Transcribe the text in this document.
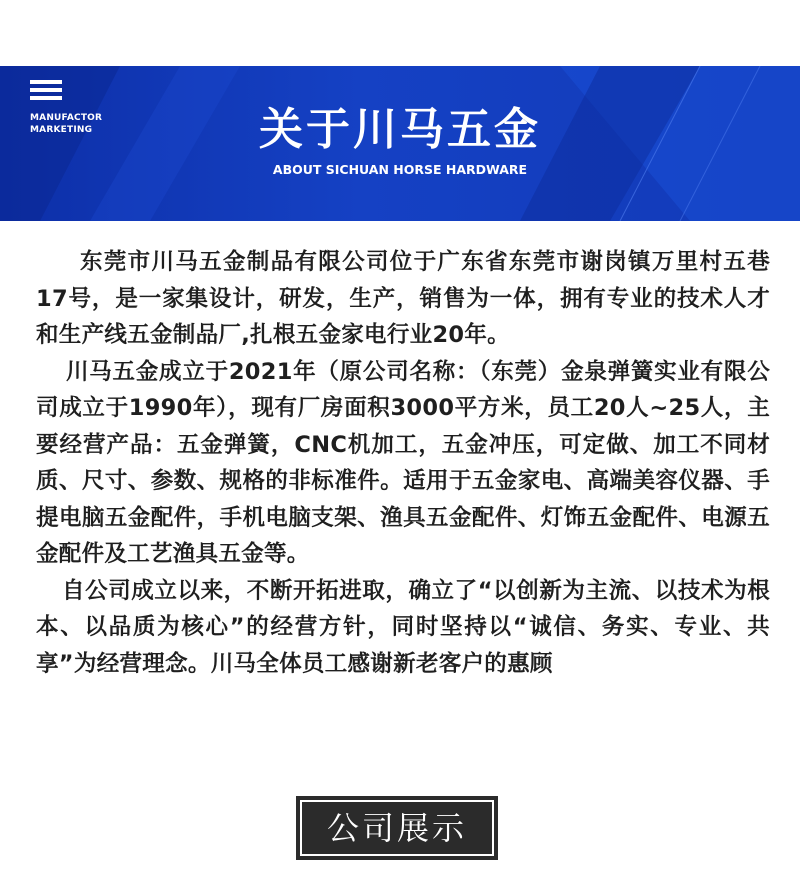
MANUFACTOR
MARKETING	关于川马五金
ABOUT SICHUAN HORSE HARDWARE

东莞市川马五金制品有限公司位于广东省东莞市谢岗镇万里村五巷17号，是一家集设计，研发，生产，销售为一体，拥有专业的技术人才和生产线五金制品厂,扎根五金家电行业20年。

川马五金成立于2021年（原公司名称：（东莞）金泉弹簧实业有限公司成立于1990年），现有厂房面积3000平方米，员工20人~25人，主要经营产品：五金弹簧，CNC机加工，五金冲压，可定做、加工不同材质、尺寸、参数、规格的非标准件。适用于五金家电、高端美容仪器、手提电脑五金配件，手机电脑支架、渔具五金配件、灯饰五金配件、电源五金配件及工艺渔具五金等。

自公司成立以来，不断开拓进取，确立了“以创新为主流、以技术为根本、以品质为核心”的经营方针，同时坚持以“诚信、务实、专业、共享”为经营理念。川马全体员工感谢新老客户的惠顾

公司展示
